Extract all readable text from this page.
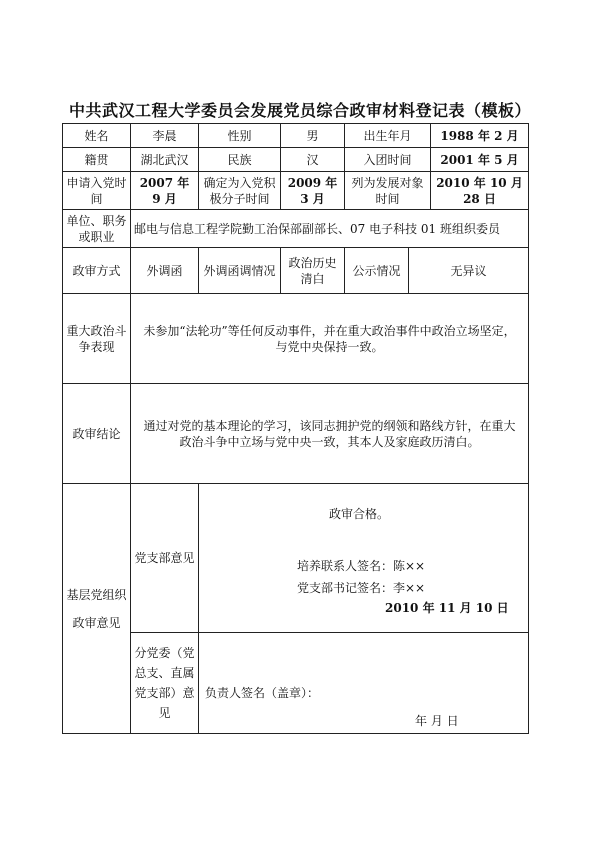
中共武汉工程大学委员会发展党员综合政审材料登记表（模板）
姓名	李晨	性别	男	出生年月		1988 年 2 月
籍贯	湖北武汉	民族	汉	入团时间		2001 年 5 月
申请入党时间	2007 年 9 月	确定为入党积极分子时间	2009 年 3 月	列为发展对象时间		2010 年 10 月 28 日
单位、职务或职业	邮电与信息工程学院勤工治保部副部长、07 电子科技 01 班组织委员					
政审方式	外调函	外调函调情况	政治历史清白	公示情况	无异议	
重大政治斗争表现	未参加“法轮功”等任何反动事件，并在重大政治事件中政治立场坚定，
与党中央保持一致。					

政审结论	通过对党的基本理论的学习，该同志拥护党的纲领和路线方针，在重大
政治斗争中立场与党中央一致，其本人及家庭政历清白。					

基层党组织政审意见	党支部意见	政审合格。
培养联系人签名：陈××
党支部书记签名：李××
2010 年 11 月 10 日				

	分党委（党总支、直属党支部）意见	负责人签名（盖章）：
年 月 日				
